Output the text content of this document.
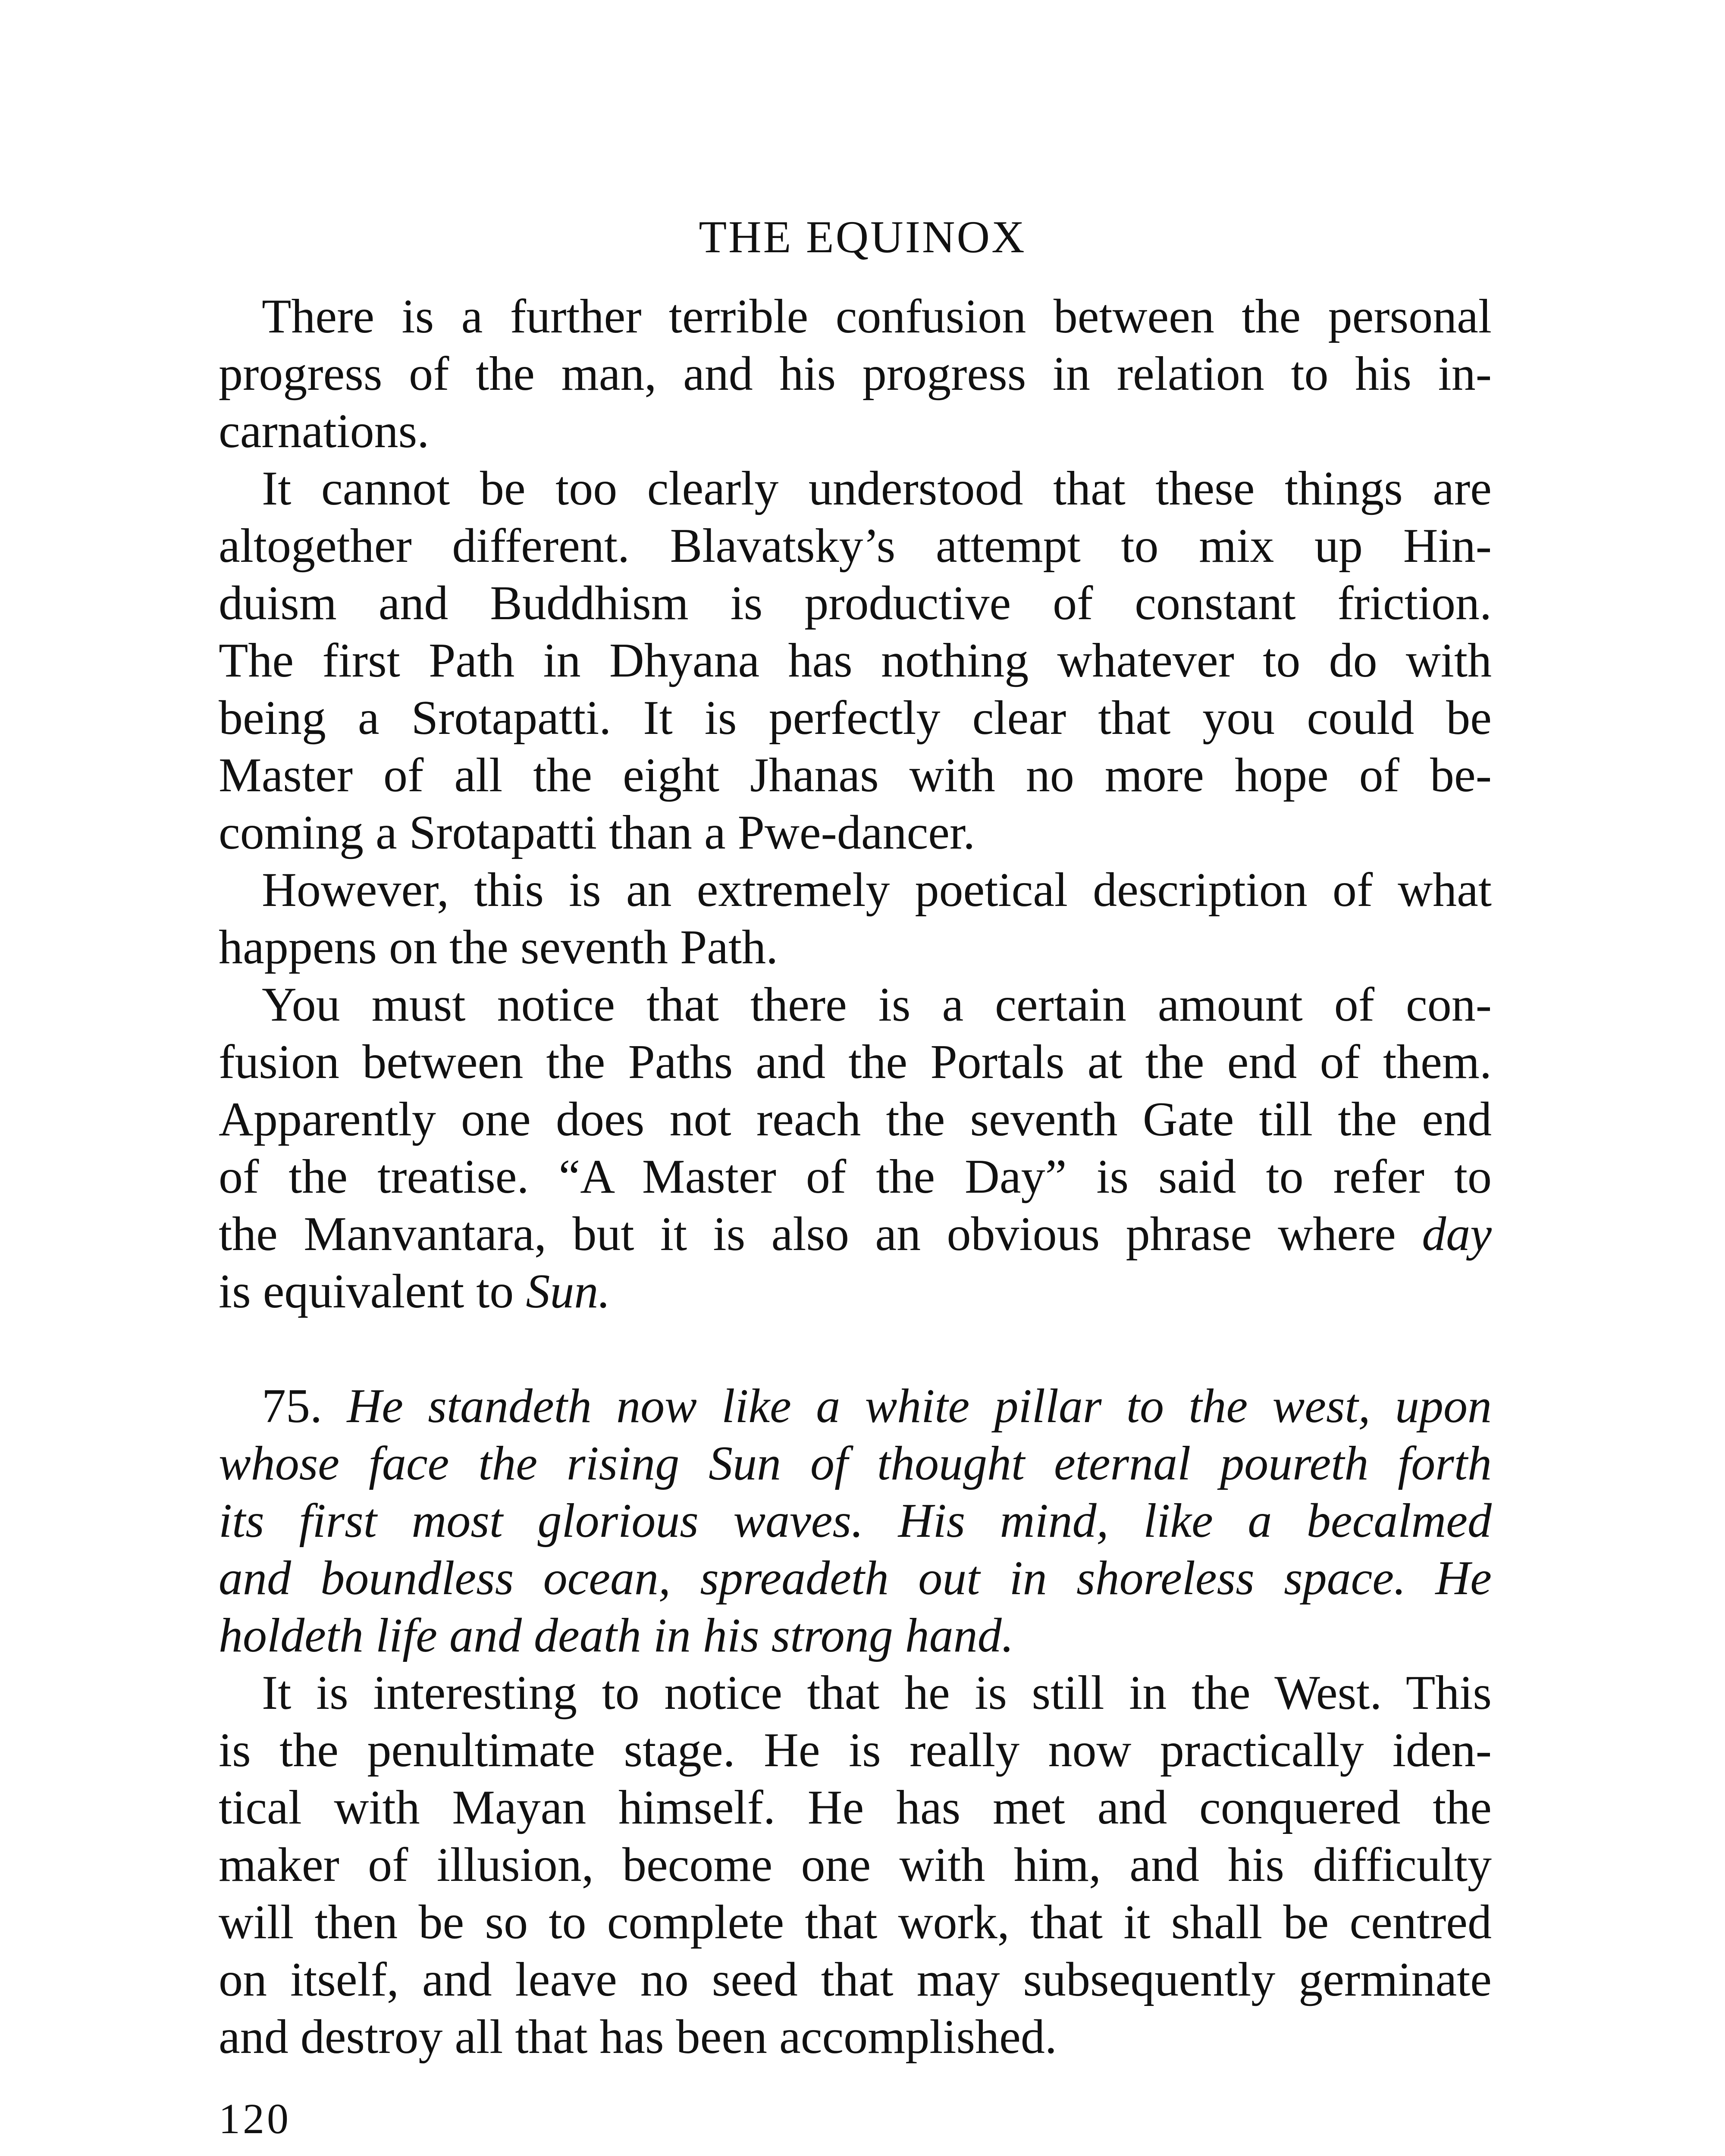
THE EQUINOX
There is a further terrible confusion between the personal
progress of the man, and his progress in relation to his in-
carnations.
It cannot be too clearly understood that these things are
altogether different. Blavatsky’s attempt to mix up Hin-
duism and Buddhism is productive of constant friction.
The first Path in Dhyana has nothing whatever to do with
being a Srotapatti. It is perfectly clear that you could be
Master of all the eight Jhanas with no more hope of be-
coming a Srotapatti than a Pwe-dancer.
However, this is an extremely poetical description of what
happens on the seventh Path.
You must notice that there is a certain amount of con-
fusion between the Paths and the Portals at the end of them.
Apparently one does not reach the seventh Gate till the end
of the treatise. “A Master of the Day” is said to refer to
the Manvantara, but it is also an obvious phrase where day
is equivalent to Sun.
75. He standeth now like a white pillar to the west, upon
whose face the rising Sun of thought eternal poureth forth
its first most glorious waves. His mind, like a becalmed
and boundless ocean, spreadeth out in shoreless space. He
holdeth life and death in his strong hand.
It is interesting to notice that he is still in the West. This
is the penultimate stage. He is really now practically iden-
tical with Mayan himself. He has met and conquered the
maker of illusion, become one with him, and his difficulty
will then be so to complete that work, that it shall be centred
on itself, and leave no seed that may subsequently germinate
and destroy all that has been accomplished.
120
